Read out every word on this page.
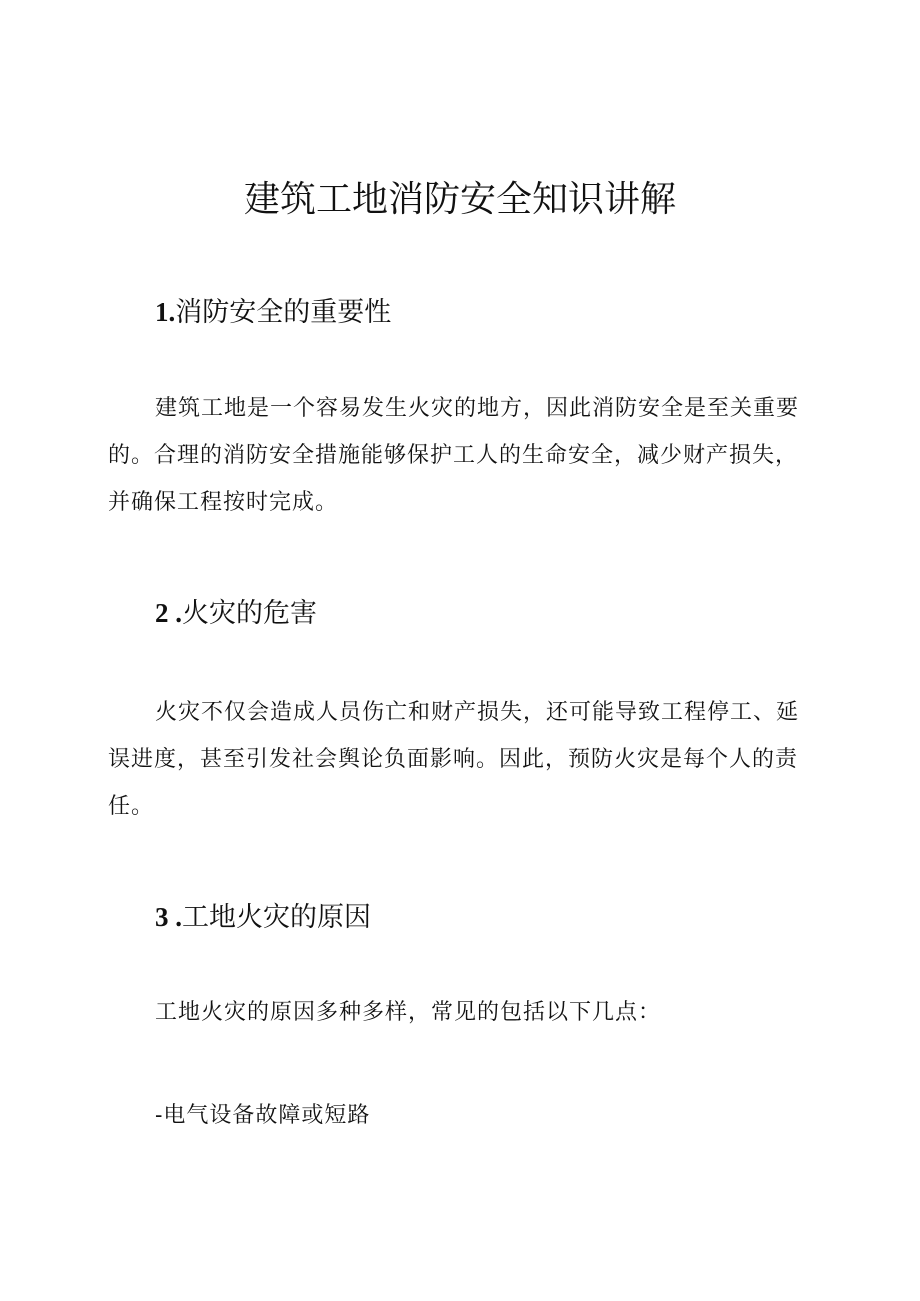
建筑工地消防安全知识讲解
1.消防安全的重要性

建筑工地是一个容易发生火灾的地方，因此消防安全是至关重要的。合理的消防安全措施能够保护工人的生命安全，减少财产损失，并确保工程按时完成。

2 .火灾的危害

火灾不仅会造成人员伤亡和财产损失，还可能导致工程停工、延误进度，甚至引发社会舆论负面影响。因此，预防火灾是每个人的责任。

3 .工地火灾的原因

工地火灾的原因多种多样，常见的包括以下几点：

-电气设备故障或短路
